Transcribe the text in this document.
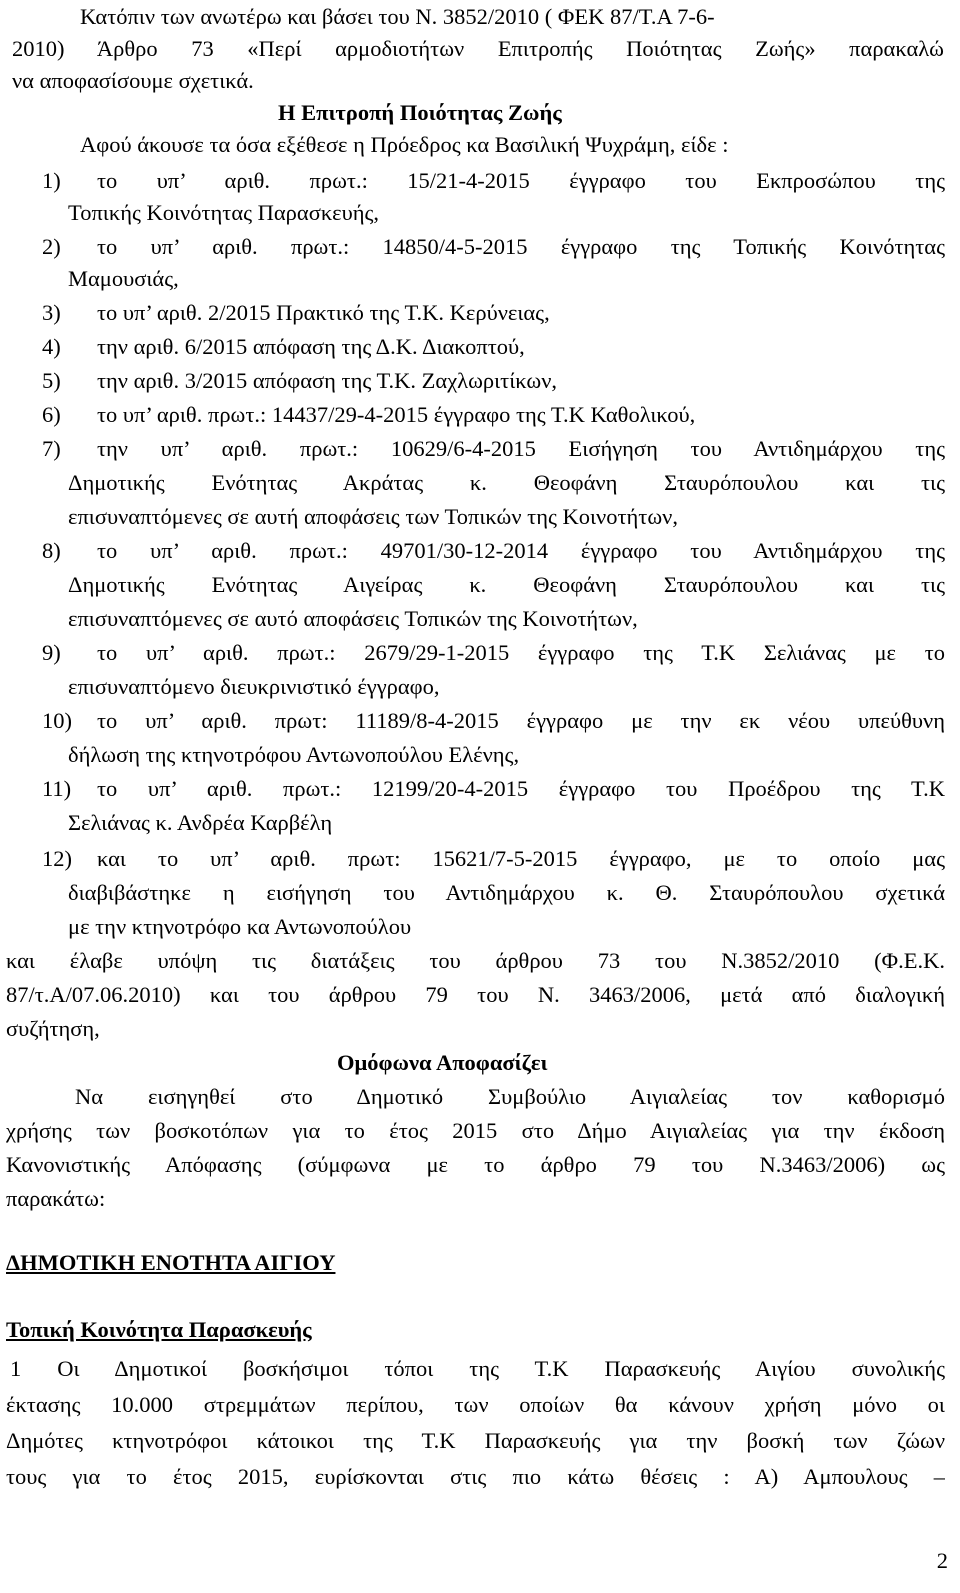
Κατόπιν των ανωτέρω και βάσει του Ν. 3852/2010 ( ΦΕΚ 87/Τ.Α 7-6-
2010) Άρθρο 73 «Περί αρμοδιοτήτων Επιτροπής Ποιότητας Ζωής» παρακαλώ
να αποφασίσουμε σχετικά.
Η Επιτροπή Ποιότητας Ζωής
Αφού άκουσε τα όσα εξέθεσε η Πρόεδρος κα Βασιλική Ψυχράμη, είδε :
1) το υπ’ αριθ. πρωτ.: 15/21-4-2015 έγγραφο του Εκπροσώπου της
Τοπικής Κοινότητας Παρασκευής,
2) το υπ’ αριθ. πρωτ.: 14850/4-5-2015 έγγραφο της Τοπικής Κοινότητας
Μαμουσιάς,
3) το υπ’ αριθ. 2/2015 Πρακτικό της Τ.Κ. Κερύνειας,
4) την αριθ. 6/2015 απόφαση της Δ.Κ. Διακοπτού,
5) την αριθ. 3/2015 απόφαση της Τ.Κ. Ζαχλωριτίκων,
6) το υπ’ αριθ. πρωτ.: 14437/29-4-2015 έγγραφο της Τ.Κ Καθολικού,
7) την υπ’ αριθ. πρωτ.: 10629/6-4-2015 Εισήγηση του Αντιδημάρχου της
Δημοτικής Ενότητας Ακράτας κ. Θεοφάνη Σταυρόπουλου και τις
επισυναπτόμενες σε αυτή αποφάσεις των Τοπικών της Κοινοτήτων,
8) το υπ’ αριθ. πρωτ.: 49701/30-12-2014 έγγραφο του Αντιδημάρχου της
Δημοτικής Ενότητας Αιγείρας κ. Θεοφάνη Σταυρόπουλου και τις
επισυναπτόμενες σε αυτό αποφάσεις Τοπικών της Κοινοτήτων,
9) το υπ’ αριθ. πρωτ.: 2679/29-1-2015 έγγραφο της Τ.Κ Σελιάνας με το
επισυναπτόμενο διευκρινιστικό έγγραφο,
10) το υπ’ αριθ. πρωτ: 11189/8-4-2015 έγγραφο με την εκ νέου υπεύθυνη
δήλωση της κτηνοτρόφου Αντωνοπούλου Ελένης,
11) το υπ’ αριθ. πρωτ.: 12199/20-4-2015 έγγραφο του Προέδρου της Τ.Κ
Σελιάνας κ. Ανδρέα Καρβέλη
12) και το υπ’ αριθ. πρωτ: 15621/7-5-2015 έγγραφο, με το οποίο μας
διαβιβάστηκε η εισήγηση του Αντιδημάρχου κ. Θ. Σταυρόπουλου σχετικά
με την κτηνοτρόφο κα Αντωνοπούλου
και έλαβε υπόψη τις διατάξεις του άρθρου 73 του Ν.3852/2010 (Φ.Ε.Κ.
87/τ.Α/07.06.2010) και του άρθρου 79 του Ν. 3463/2006, μετά από διαλογική
συζήτηση,
Ομόφωνα Αποφασίζει
Να εισηγηθεί στο Δημοτικό Συμβούλιο Αιγιαλείας τον καθορισμό
χρήσης των βοσκοτόπων για το έτος 2015 στο Δήμο Αιγιαλείας για την έκδοση
Κανονιστικής Απόφασης (σύμφωνα με το άρθρο 79 του Ν.3463/2006) ως
παρακάτω:
ΔΗΜΟΤΙΚΗ ΕΝΟΤΗΤΑ ΑΙΓΙΟΥ
Τοπική Κοινότητα Παρασκευής
1 Οι Δημοτικοί βοσκήσιμοι τόποι της Τ.Κ Παρασκευής Αιγίου συνολικής
έκτασης 10.000 στρεμμάτων περίπου, των οποίων θα κάνουν χρήση μόνο οι
Δημότες κτηνοτρόφοι κάτοικοι της Τ.Κ Παρασκευής για την βοσκή των ζώων
τους για το έτος 2015, ευρίσκονται στις πιο κάτω θέσεις : Α) Αμπουλους –
2
